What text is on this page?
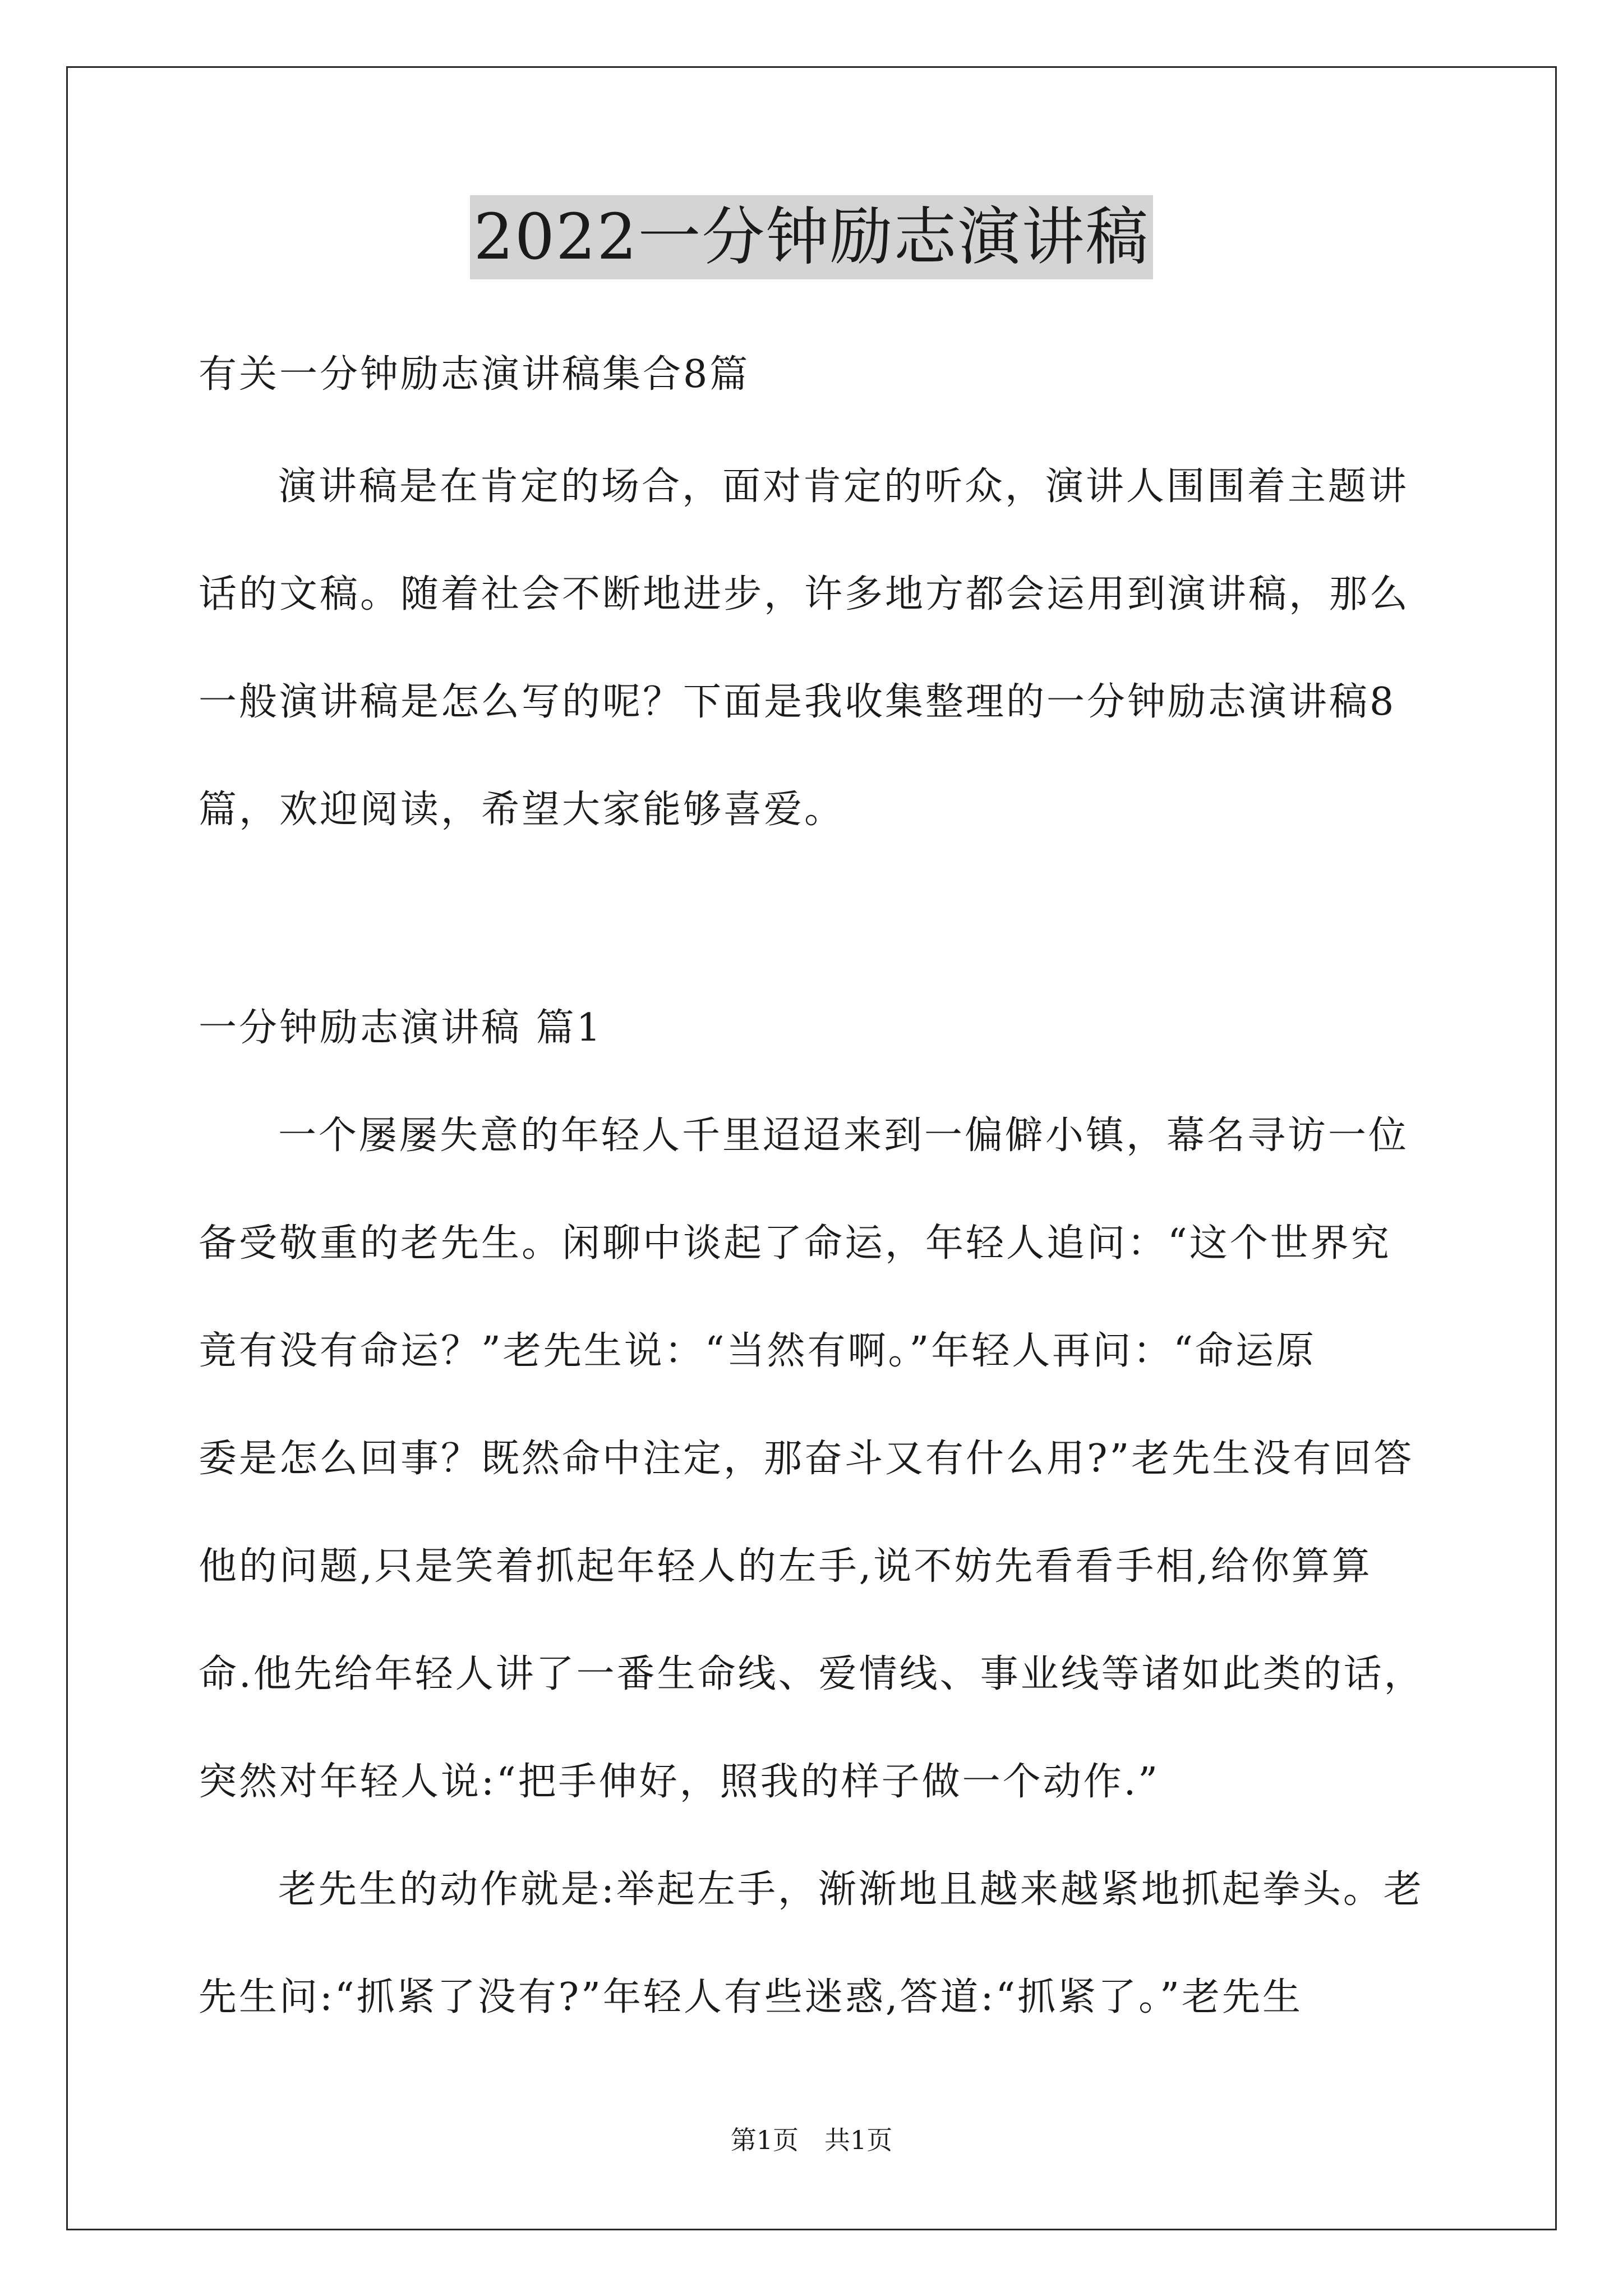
2022一分钟励志演讲稿
有关一分钟励志演讲稿集合8篇
演讲稿是在肯定的场合，面对肯定的听众，演讲人围围着主题讲
话的文稿。随着社会不断地进步，许多地方都会运用到演讲稿，那么
一般演讲稿是怎么写的呢？下面是我收集整理的一分钟励志演讲稿8
篇，欢迎阅读，希望大家能够喜爱。
一分钟励志演讲稿 篇1
一个屡屡失意的年轻人千里迢迢来到一偏僻小镇，幕名寻访一位
备受敬重的老先生。闲聊中谈起了命运，年轻人追问：“这个世界究
竟有没有命运？”老先生说：“当然有啊。”年轻人再问：“命运原
委是怎么回事？既然命中注定，那奋斗又有什么用?”老先生没有回答
他的问题,只是笑着抓起年轻人的左手,说不妨先看看手相,给你算算
命.他先给年轻人讲了一番生命线、爱情线、事业线等诸如此类的话，
突然对年轻人说:“把手伸好，照我的样子做一个动作.”
老先生的动作就是:举起左手，渐渐地且越来越紧地抓起拳头。老
先生问:“抓紧了没有?”年轻人有些迷惑,答道:“抓紧了。”老先生
第1页　共1页
